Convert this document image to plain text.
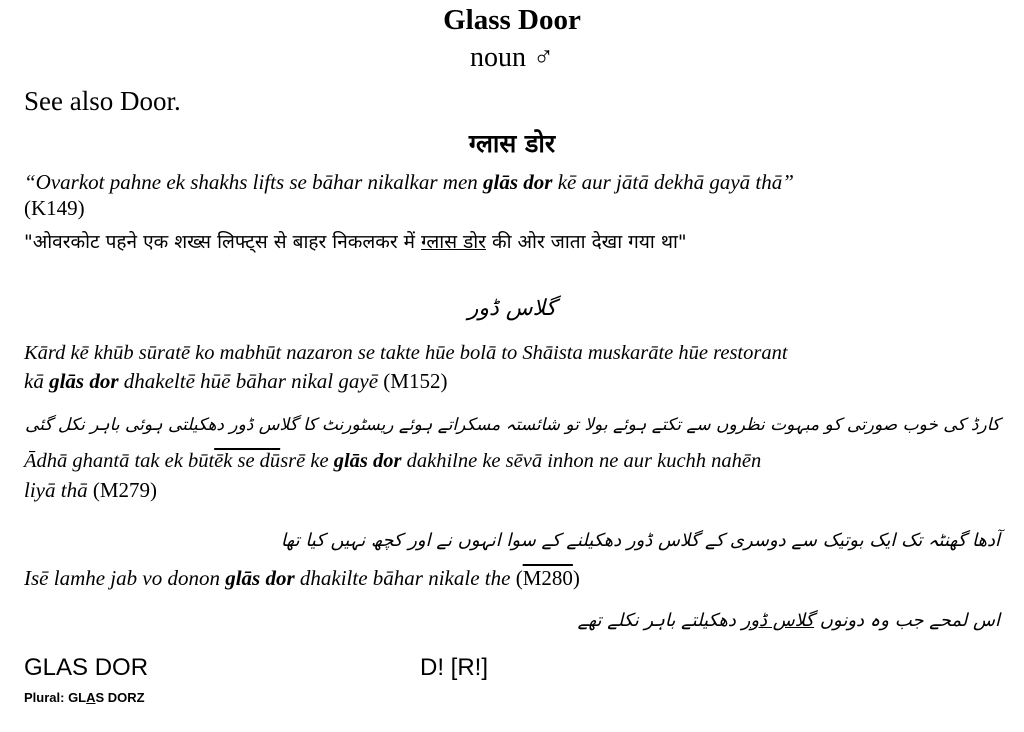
Glass Door
noun ♂
See also Door.
ग्लास डोर
“Ovarkot pahne ek shakhs lifts se bāhar nikalkar men glās dor kē aur jātā dekhā gayā thā”
(K149)
"ओवरकोट पहने एक शख्स लिफ्ट्स से बाहर निकलकर में ग्लास डोर की ओर जाता देखा गया था"
گلاس ڈور
Kārd kē khūb sūratē ko mabhūt nazaron se takte hūe bolā to Shāista muskarāte hūe restorant
kā glās dor dhakeltē hūē bāhar nikal gayē (M152)
کارڈ کی خوب صورتی کو مبہوت نظروں سے تکتے ہوئے بولا تو شائستہ مسکراتے ہوئے ریسٹورنٹ کا گلاس ڈور دھکیلتی ہوئی باہر نکل گئی
Ādhā ghantā tak ek būtēk se dūsrē ke glās dor dakhilne ke sēvā inhon ne aur kuchh nahēn
liyā thā (M279)
آدھا گھنٹہ تک ایک بوتیک سے دوسری کے گلاس ڈور دھکیلنے کے سوا انہوں نے اور کچھ نہیں کیا تھا
Isē lamhe jab vo donon glās dor dhakilte bāhar nikale the (M280)
اس لمحے جب وہ دونوں گلاس ڈور دھکیلتے باہر نکلے تھے
GLAS DOR	D! [R!]
Plural: GLAS DORZ
